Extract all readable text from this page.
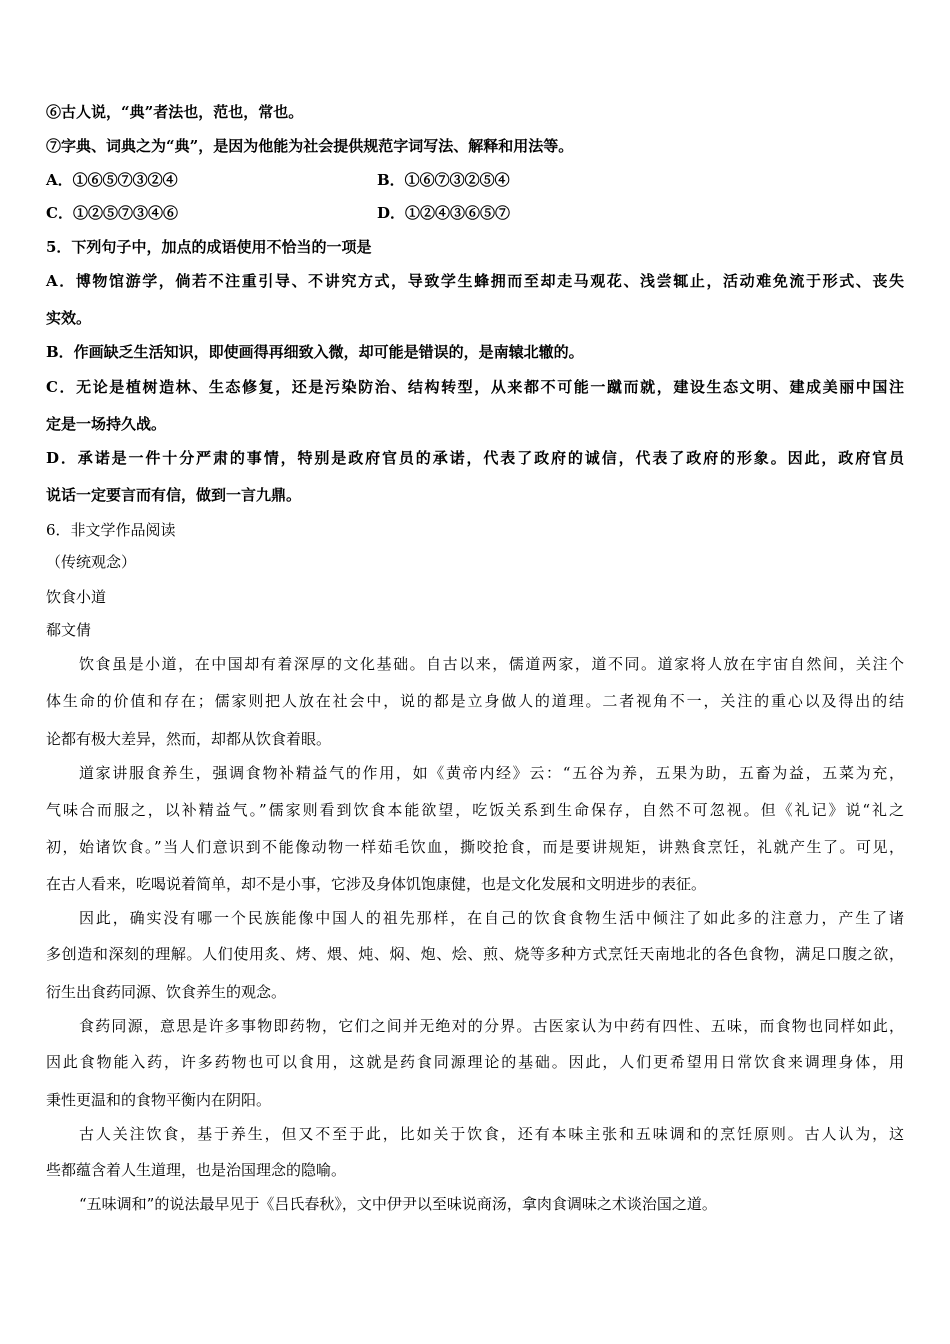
⑥古人说，“典”者法也，范也，常也。
⑦字典、词典之为“典”，是因为他能为社会提供规范字词写法、解释和用法等。
A．①⑥⑤⑦③②④	B．①⑥⑦③②⑤④
C．①②⑤⑦③④⑥	D．①②④③⑥⑤⑦
5．下列句子中，加点的成语使用不恰当的一项是
A．博物馆游学，倘若不注重引导、不讲究方式，导致学生蜂拥而至却走马观花、浅尝辄止，活动难免流于形式、丧失
实效。
B．作画缺乏生活知识，即使画得再细致入微，却可能是错误的，是南辕北辙的。
C．无论是植树造林、生态修复，还是污染防治、结构转型，从来都不可能一蹴而就，建设生态文明、建成美丽中国注
定是一场持久战。
D．承诺是一件十分严肃的事情，特别是政府官员的承诺，代表了政府的诚信，代表了政府的形象。因此，政府官员
说话一定要言而有信，做到一言九鼎。
6．非文学作品阅读
（传统观念）
饮食小道
郗文倩
饮食虽是小道，在中国却有着深厚的文化基础。自古以来，儒道两家，道不同。道家将人放在宇宙自然间，关注个
体生命的价值和存在；儒家则把人放在社会中，说的都是立身做人的道理。二者视角不一，关注的重心以及得出的结
论都有极大差异，然而，却都从饮食着眼。
道家讲服食养生，强调食物补精益气的作用，如《黄帝内经》云：“五谷为养，五果为助，五畜为益，五菜为充，
气味合而服之，以补精益气。”儒家则看到饮食本能欲望，吃饭关系到生命保存，自然不可忽视。但《礼记》说“礼之
初，始诸饮食。”当人们意识到不能像动物一样茹毛饮血，撕咬抢食，而是要讲规矩，讲熟食烹饪，礼就产生了。可见，
在古人看来，吃喝说着简单，却不是小事，它涉及身体饥饱康健，也是文化发展和文明进步的表征。
因此，确实没有哪一个民族能像中国人的祖先那样，在自己的饮食食物生活中倾注了如此多的注意力，产生了诸
多创造和深刻的理解。人们使用炙、烤、煨、炖、焖、炮、烩、煎、烧等多种方式烹饪天南地北的各色食物，满足口腹之欲，
衍生出食药同源、饮食养生的观念。
食药同源，意思是许多事物即药物，它们之间并无绝对的分界。古医家认为中药有四性、五味，而食物也同样如此，
因此食物能入药，许多药物也可以食用，这就是药食同源理论的基础。因此，人们更希望用日常饮食来调理身体，用
秉性更温和的食物平衡内在阴阳。
古人关注饮食，基于养生，但又不至于此，比如关于饮食，还有本味主张和五味调和的烹饪原则。古人认为，这
些都蕴含着人生道理，也是治国理念的隐喻。
“五味调和”的说法最早见于《吕氏春秋》，文中伊尹以至味说商汤，拿肉食调味之术谈治国之道。
